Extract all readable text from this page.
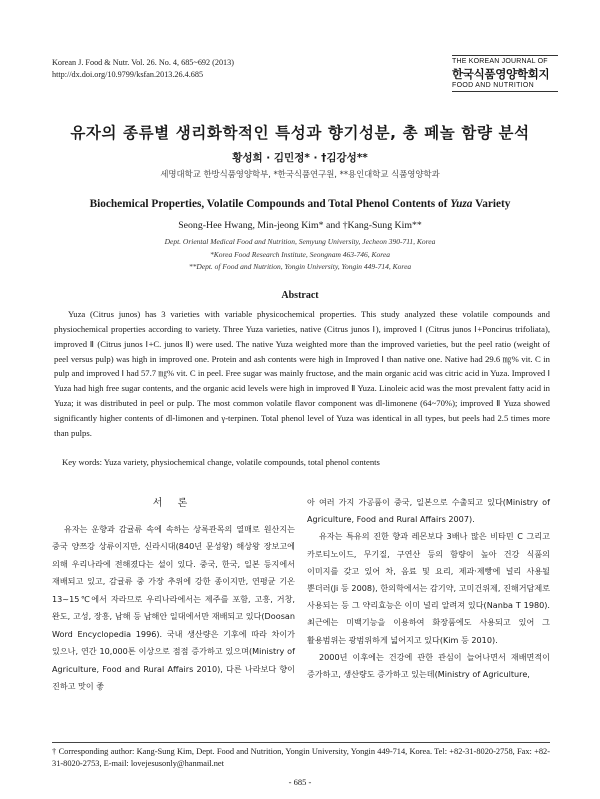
Korean J. Food & Nutr. Vol. 26. No. 4, 685~692 (2013)
http://dx.doi.org/10.9799/ksfan.2013.26.4.685
THE KOREAN JOURNAL OF
한국식품영양학회지
FOOD AND NUTRITION
유자의 종류별 생리화학적인 특성과 향기성분, 총 페놀 함량 분석
황성희 · 김민정* · †김강성**
세명대학교 한방식품영양학부, *한국식품연구원, **용인대학교 식품영양학과
Biochemical Properties, Volatile Compounds and Total Phenol Contents of Yuza Variety
Seong-Hee Hwang, Min-jeong Kim* and †Kang-Sung Kim**
Dept. Oriental Medical Food and Nutrition, Semyung University, Jecheon 390-711, Korea
*Korea Food Research Institute, Seongnam 463-746, Korea
**Dept. of Food and Nutrition, Yongin University, Yongin 449-714, Korea
Abstract
Yuza (Citrus junos) has 3 varieties with variable physicochemical properties. This study analyzed these volatile compounds and physiochemical properties according to variety. Three Yuza varieties, native (Citrus junos Ⅰ), improved Ⅰ (Citrus junos Ⅰ+Poncirus trifoliata), improved Ⅱ (Citrus junos Ⅰ+C. junos Ⅱ) were used. The native Yuza weighted more than the improved varieties, but the peel ratio (weight of peel versus pulp) was high in improved one. Protein and ash contents were high in Improved Ⅰ than native one. Native had 29.6 ㎎% vit. C in pulp and improved Ⅰ had 57.7 ㎎% vit. C in peel. Free sugar was mainly fructose, and the main organic acid was citric acid in Yuza. Improved Ⅰ Yuza had high free sugar contents, and the organic acid levels were high in improved Ⅱ Yuza. Linoleic acid was the most prevalent fatty acid in Yuza; it was distributed in peel or pulp. The most common volatile flavor component was dl-limonene (64~70%); improved Ⅱ Yuza showed significantly higher contents of dl-limonen and γ-terpinen. Total phenol level of Yuza was identical in all types, but peels had 2.5 times more than pulps.
Key words: Yuza variety, physiochemical change, volatile compounds, total phenol contents
서 론
유자는 운향과 감귤류 속에 속하는 상록관목의 열매로 원산지는 중국 양쯔강 상류이지만, 신라시대(840년 문성왕) 해상왕 장보고에 의해 우리나라에 전해졌다는 설이 있다. 중국, 한국, 일본 등지에서 재배되고 있고, 감귤류 중 가장 추위에 강한 종이지만, 연평균 기온 13~15℃에서 자라므로 우리나라에서는 제주를 포함, 고흥, 거창, 완도, 고성, 장흥, 남해 등 남해안 일대에서만 재배되고 있다(Doosan Word Encyclopedia 1996). 국내 생산량은 기후에 따라 차이가 있으나, 연간 10,000톤 이상으로 점점 증가하고 있으며(Ministry of Agriculture, Food and Rural Affairs 2010), 다른 나라보다 향이 진하고 맛이 좋

아 여러 가지 가공품이 중국, 일본으로 수출되고 있다(Ministry of Agriculture, Food and Rural Affairs 2007).

유자는 특유의 진한 향과 레몬보다 3배나 많은 비타민 C 그리고 카로티노이드, 무기질, 구연산 등의 함량이 높아 건강 식품의 이미지를 갖고 있어 차, 음료 및 요리, 제과·제빵에 널리 사용될 뿐더러(Ji 등 2008), 한의학에서는 감기약, 고미건위제, 진해거담제로 사용되는 등 그 약리효능은 이미 널리 알려져 있다(Nanba T 1980). 최근에는 미백기능을 이용하여 화장품에도 사용되고 있어 그 활용범위는 광범위하게 넓어지고 있다(Kim 등 2010).

2000년 이후에는 건강에 관한 관심이 늘어나면서 재배면적이 증가하고, 생산량도 증가하고 있는데(Ministry of Agriculture,

† Corresponding author: Kang-Sung Kim, Dept. Food and Nutrition, Yongin University, Yongin 449-714, Korea. Tel: +82-31-8020-2758, Fax: +82-31-8020-2753, E-mail: lovejesusonly@hanmail.net
- 685 -
